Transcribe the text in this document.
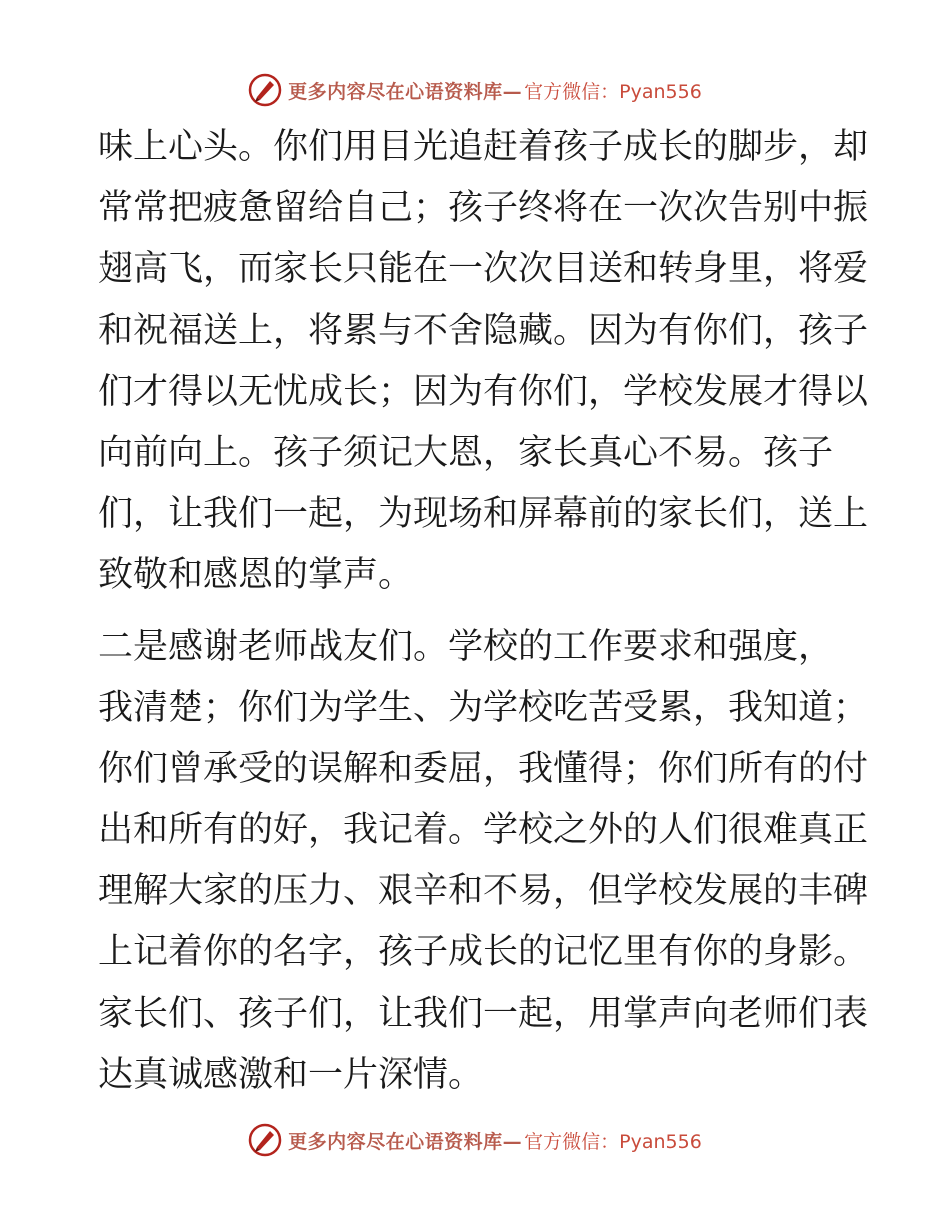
更多内容尽在心语资料库— 官方微信：Pyan556
味上心头。你们用目光追赶着孩子成长的脚步，却
常常把疲惫留给自己；孩子终将在一次次告别中振
翅高飞，而家长只能在一次次目送和转身里，将爱
和祝福送上，将累与不舍隐藏。因为有你们，孩子
们才得以无忧成长；因为有你们，学校发展才得以
向前向上。孩子须记大恩，家长真心不易。孩子
们，让我们一起，为现场和屏幕前的家长们，送上
致敬和感恩的掌声。
二是感谢老师战友们。学校的工作要求和强度，
我清楚；你们为学生、为学校吃苦受累，我知道；
你们曾承受的误解和委屈，我懂得；你们所有的付
出和所有的好，我记着。学校之外的人们很难真正
理解大家的压力、艰辛和不易，但学校发展的丰碑
上记着你的名字，孩子成长的记忆里有你的身影。
家长们、孩子们，让我们一起，用掌声向老师们表
达真诚感激和一片深情。
更多内容尽在心语资料库— 官方微信：Pyan556
